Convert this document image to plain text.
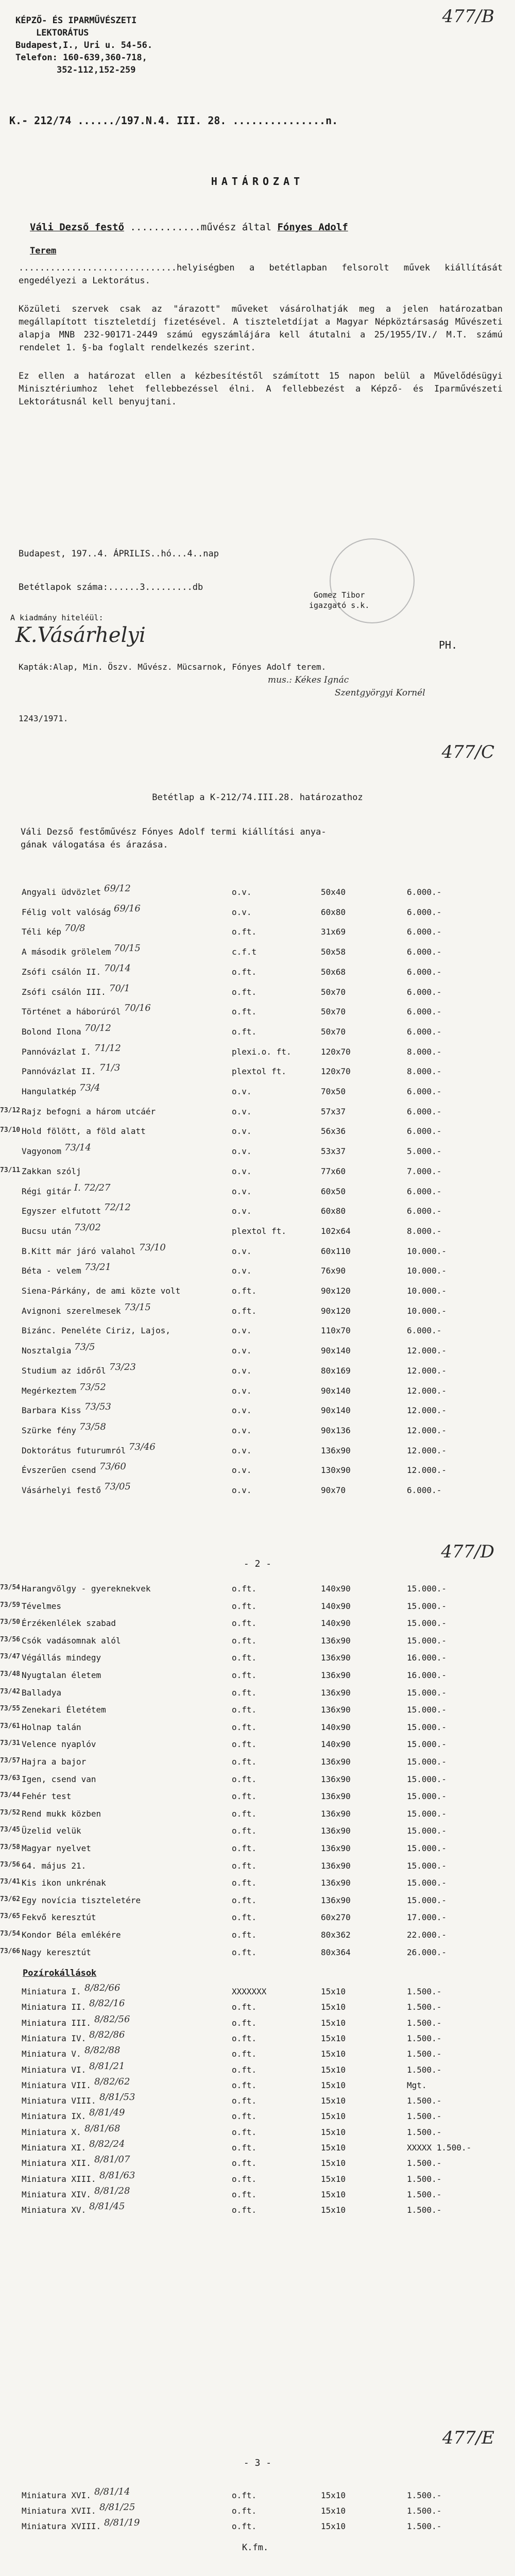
477/B
KÉPZŐ- ÉS IPARMŰVÉSZETI
LEKTORÁTUS
Budapest,I., Uri u. 54-56.
Telefon: 160-639,360-718,
352-112,152-259
K.- 212/74 ....../197.N.4. III. 28. ...............n.
HATÁROZAT
Váli Dezső festő ............művész által Fónyes Adolf

Terem

..............................helyiségben a betétlapban felsorolt művek kiállítását engedélyezi a Lektorátus.

Közületi szervek csak az "árazott" műveket vásárolhatják meg a jelen határozatban megállapított tiszteletdíj fizetésével. A tiszteletdíjat a Magyar Népköztársaság Művészeti alapja MNB 232-90171-2449 számú egyszámlájára kell átutalni a 25/1955/IV./ M.T. számú rendelet 1. §-ba foglalt rendelkezés szerint.

Ez ellen a határozat ellen a kézbesítéstől számított 15 napon belül a Művelődésügyi Minisztériumhoz lehet fellebbezéssel élni. A fellebbezést a Képző- és Iparművészeti Lektorátusnál kell benyujtani.

Budapest, 197..4. ÁPRILIS..hó...4..nap
Betétlapok száma:......3.........db
A kiadmány hiteléül:
K.Vásárhelyi
Gomez Tibor
igazgató s.k.
PH.
Kapták:Alap, Min. Öszv. Művész. Mücsarnok, Fónyes Adolf terem.
mus.: Kékes Ignác
Szentgyörgyi Kornél
1243/1971.
477/C
Betétlap a K-212/74.III.28. határozathoz
Váli Dezső festőművész Fónyes Adolf termi kiállítási anya-
gának válogatása és árazása.
Angyali üdvözlet 69/12	o.v.	50x40	6.000.-
Félig volt valóság 69/16	o.v.	60x80	6.000.-
Téli kép 70/8	o.ft.	31x69	6.000.-
A második grölelem 70/15	c.f.t	50x58	6.000.-
Zsófi csálón II. 70/14	o.ft.	50x68	6.000.-
Zsófi csálón III. 70/1	o.ft.	50x70	6.000.-
Történet a háborúról 70/16	o.ft.	50x70	6.000.-
Bolond Ilona 70/12	o.ft.	50x70	6.000.-
Pannóvázlat I. 71/12	plexi.o. ft.	120x70	8.000.-
Pannóvázlat II. 71/3	plextol ft.	120x70	8.000.-
Hangulatkép 73/4	o.v.	70x50	6.000.-
73/12 Rajz befogni a három utcáér	o.v.	57x37	6.000.-
73/10 Hold fölött, a föld alatt	o.v.	56x36	6.000.-
Vagyonom 73/14	o.v.	53x37	5.000.-
73/11 Zakkan szólj	o.v.	77x60	7.000.-
Régi gitár I. 72/27	o.v.	60x50	6.000.-
Egyszer elfutott 72/12	o.v.	60x80	6.000.-
Bucsu után 73/02	plextol ft.	102x64	8.000.-
B.Kitt már járó valahol 73/10	o.v.	60x110	10.000.-
Béta - velem 73/21	o.v.	76x90	10.000.-
Siena-Párkány, de ami közte volt	o.ft.	90x120	10.000.-
Avignoni szerelmesek 73/15	o.ft.	90x120	10.000.-
Bizánc. Peneléte Ciriz, Lajos,	o.v.	110x70	6.000.-
Nosztalgia 73/5	o.v.	90x140	12.000.-
Studium az időről 73/23	o.v.	80x169	12.000.-
Megérkeztem 73/52	o.v.	90x140	12.000.-
Barbara Kiss 73/53	o.v.	90x140	12.000.-
Szürke fény 73/58	o.v.	90x136	12.000.-
Doktorátus futurumról 73/46	o.v.	136x90	12.000.-
Évszerűen csend 73/60	o.v.	130x90	12.000.-
Vásárhelyi festő 73/05	o.v.	90x70	6.000.-
477/D
- 2 -
73/54 Harangvölgy - gyereknekvek	o.ft.	140x90	15.000.-
73/59 Tévelmes	o.ft.	140x90	15.000.-
73/50 Érzékenlélek szabad	o.ft.	140x90	15.000.-
73/56 Csók vadásomnak alól	o.ft.	136x90	15.000.-
73/47 Végállás mindegy	o.ft.	136x90	16.000.-
73/48 Nyugtalan életem	o.ft.	136x90	16.000.-
73/42 Balladya	o.ft.	136x90	15.000.-
73/55 Zenekari Életétem	o.ft.	136x90	15.000.-
73/61 Holnap talán	o.ft.	140x90	15.000.-
73/31 Velence nyaplóv	o.ft.	140x90	15.000.-
73/57 Hajra a bajor	o.ft.	136x90	15.000.-
73/63 Igen, csend van	o.ft.	136x90	15.000.-
73/44 Fehér test	o.ft.	136x90	15.000.-
73/52 Rend mukk közben	o.ft.	136x90	15.000.-
73/45 Üzelid velük	o.ft.	136x90	15.000.-
73/58 Magyar nyelvet	o.ft.	136x90	15.000.-
73/56 64. május 21.	o.ft.	136x90	15.000.-
73/41 Kis ikon unkrénak	o.ft.	136x90	15.000.-
73/62 Egy novícia tiszteletére	o.ft.	136x90	15.000.-
73/65 Fekvő keresztút	o.ft.	60x270	17.000.-
73/54 Kondor Béla emlékére	o.ft.	80x362	22.000.-
73/66 Nagy keresztút	o.ft.	80x364	26.000.-
Pozírokállások
Miniatura I. 8/82/66	XXXXXXX	15x10	1.500.-
Miniatura II. 8/82/16	o.ft.	15x10	1.500.-
Miniatura III. 8/82/56	o.ft.	15x10	1.500.-
Miniatura IV. 8/82/86	o.ft.	15x10	1.500.-
Miniatura V. 8/82/88	o.ft.	15x10	1.500.-
Miniatura VI. 8/81/21	o.ft.	15x10	1.500.-
Miniatura VII. 8/82/62	o.ft.	15x10	Mgt.
Miniatura VIII. 8/81/53	o.ft.	15x10	1.500.-
Miniatura IX. 8/81/49	o.ft.	15x10	1.500.-
Miniatura X. 8/81/68	o.ft.	15x10	1.500.-
Miniatura XI. 8/82/24	o.ft.	15x10	XXXXX 1.500.-
Miniatura XII. 8/81/07	o.ft.	15x10	1.500.-
Miniatura XIII. 8/81/63	o.ft.	15x10	1.500.-
Miniatura XIV. 8/81/28	o.ft.	15x10	1.500.-
Miniatura XV. 8/81/45	o.ft.	15x10	1.500.-
477/E
- 3 -
Miniatura XVI. 8/81/14	o.ft.	15x10	1.500.-
Miniatura XVII. 8/81/25	o.ft.	15x10	1.500.-
Miniatura XVIII. 8/81/19	o.ft.	15x10	1.500.-
K.fm.
